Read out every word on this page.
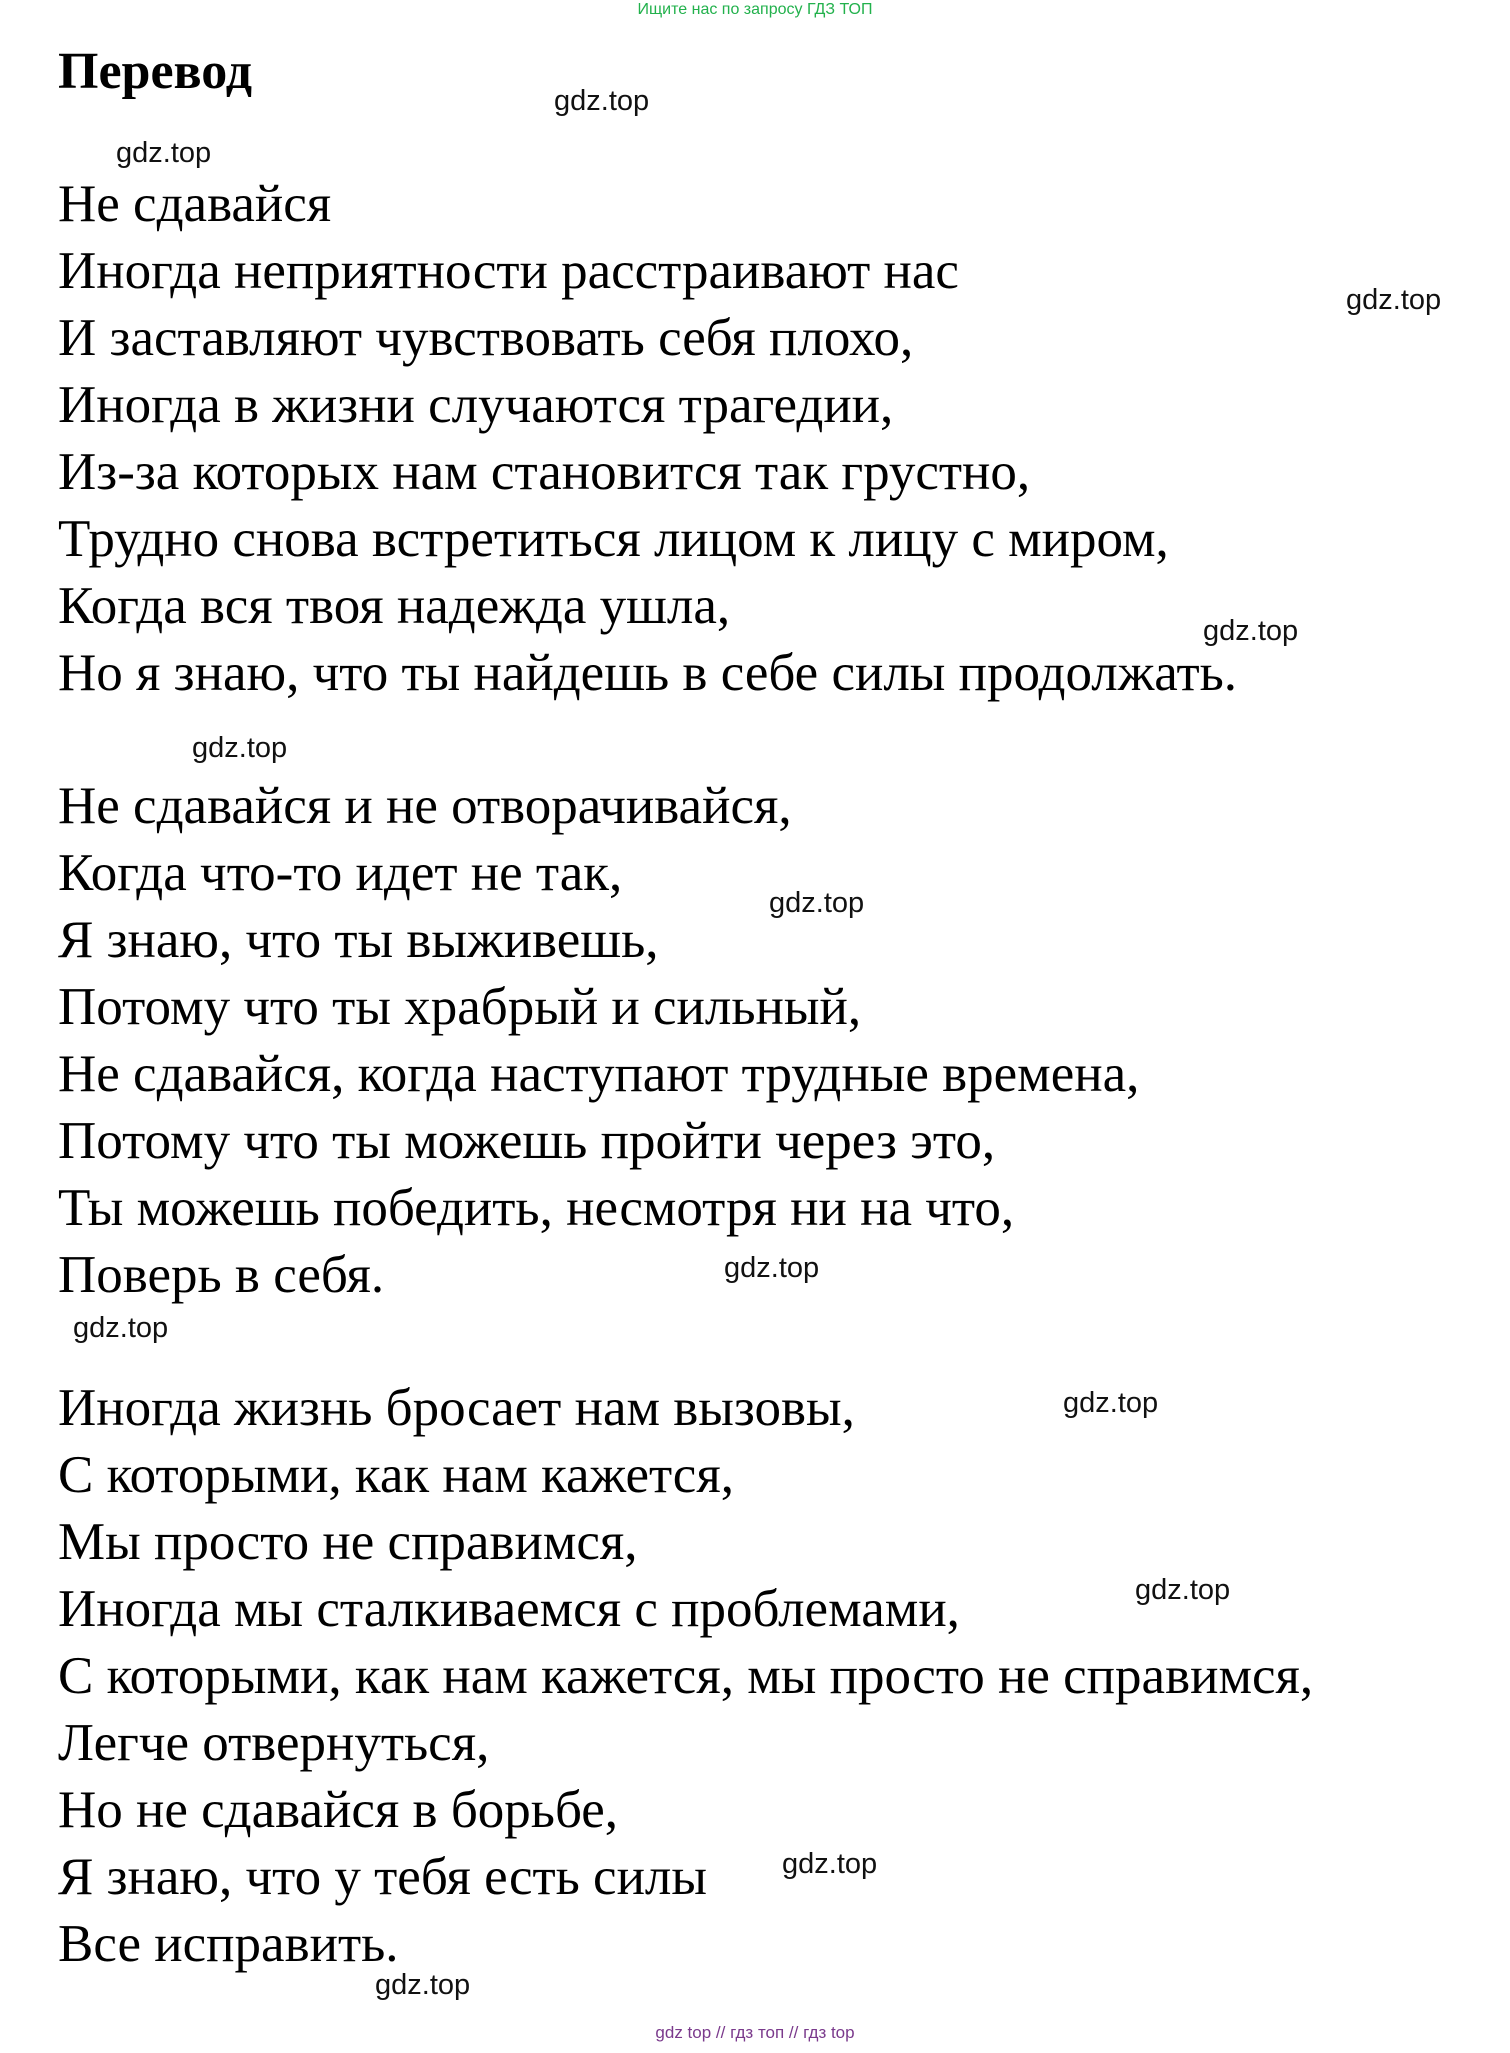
Ищите нас по запросу ГДЗ ТОП
Перевод

Не сдавайся

Иногда неприятности расстраивают нас

И заставляют чувствовать себя плохо,

Иногда в жизни случаются трагедии,

Из-за которых нам становится так грустно,

Трудно снова встретиться лицом к лицу с миром,

Когда вся твоя надежда ушла,

Но я знаю, что ты найдешь в себе силы продолжать.

Не сдавайся и не отворачивайся,

Когда что-то идет не так,

Я знаю, что ты выживешь,

Потому что ты храбрый и сильный,

Не сдавайся, когда наступают трудные времена,

Потому что ты можешь пройти через это,

Ты можешь победить, несмотря ни на что,

Поверь в себя.

Иногда жизнь бросает нам вызовы,

С которыми, как нам кажется,

Мы просто не справимся,

Иногда мы сталкиваемся с проблемами,

С которыми, как нам кажется, мы просто не справимся,

Легче отвернуться,

Но не сдавайся в борьбе,

Я знаю, что у тебя есть силы

Все исправить.

gdz.top
gdz.top
gdz.top
gdz.top
gdz.top
gdz.top
gdz.top
gdz.top
gdz.top
gdz.top
gdz.top
gdz.top
gdz top // гдз топ // гдз top
